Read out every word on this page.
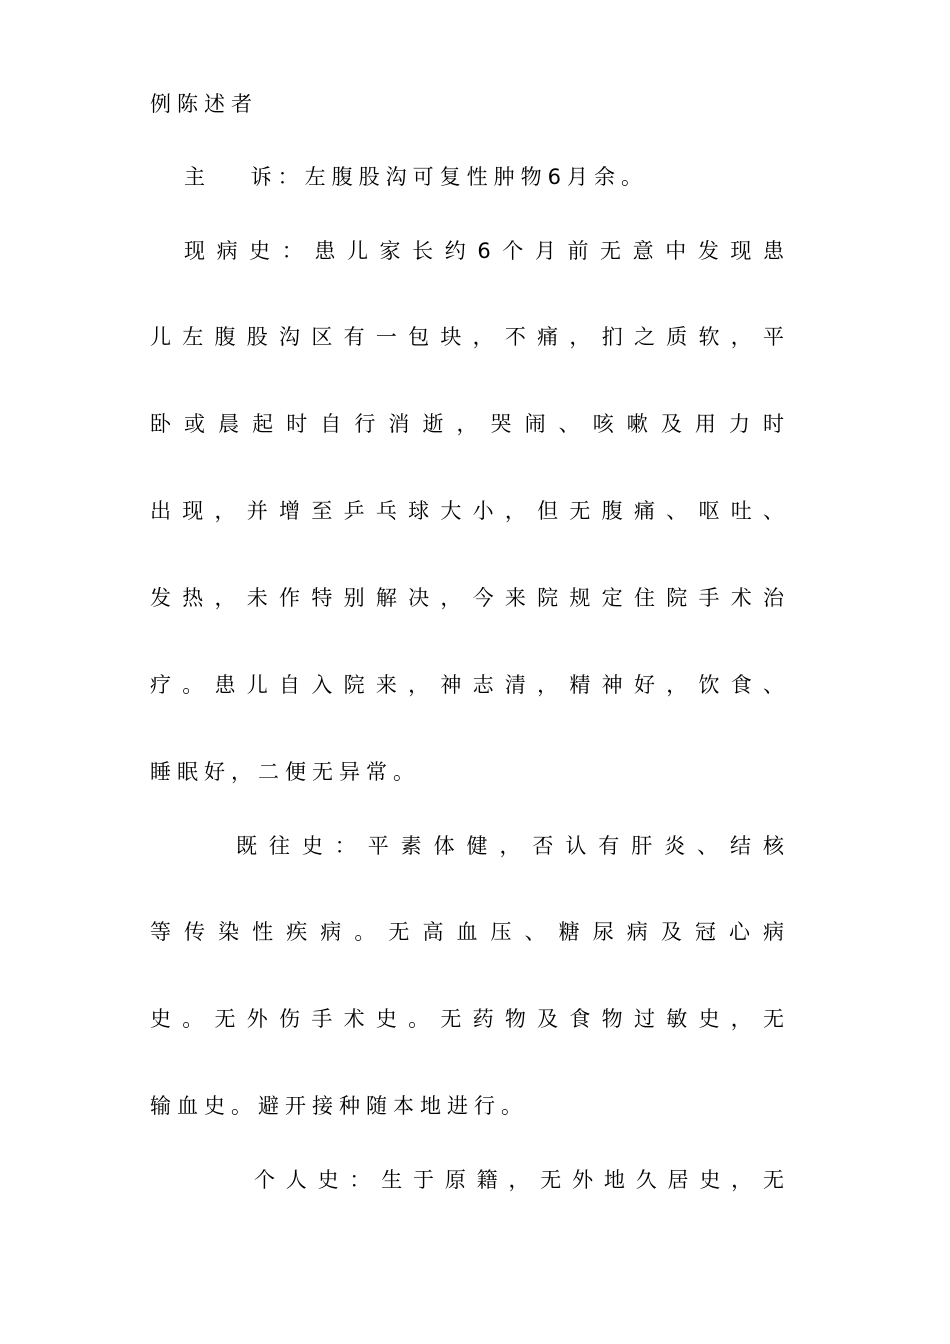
例陈述者
主　 诉：左腹股沟可复性肿物6月余。
现病史：患儿家长约6个月前无意中发现患
儿左腹股沟区有一包块，不痛，扪之质软，平
卧或晨起时自行消逝，哭闹、咳嗽及用力时
出现，并增至乒乓球大小，但无腹痛、呕吐、
发热，未作特别解决，今来院规定住院手术治
疗。患儿自入院来，神志清，精神好，饮食、
睡眠好，二便无异常。
既往史：平素体健，否认有肝炎、结核
等传染性疾病。无高血压、糖尿病及冠心病
史。无外伤手术史。无药物及食物过敏史，无
输血史。避开接种随本地进行。
个人史：生于原籍，无外地久居史，无
